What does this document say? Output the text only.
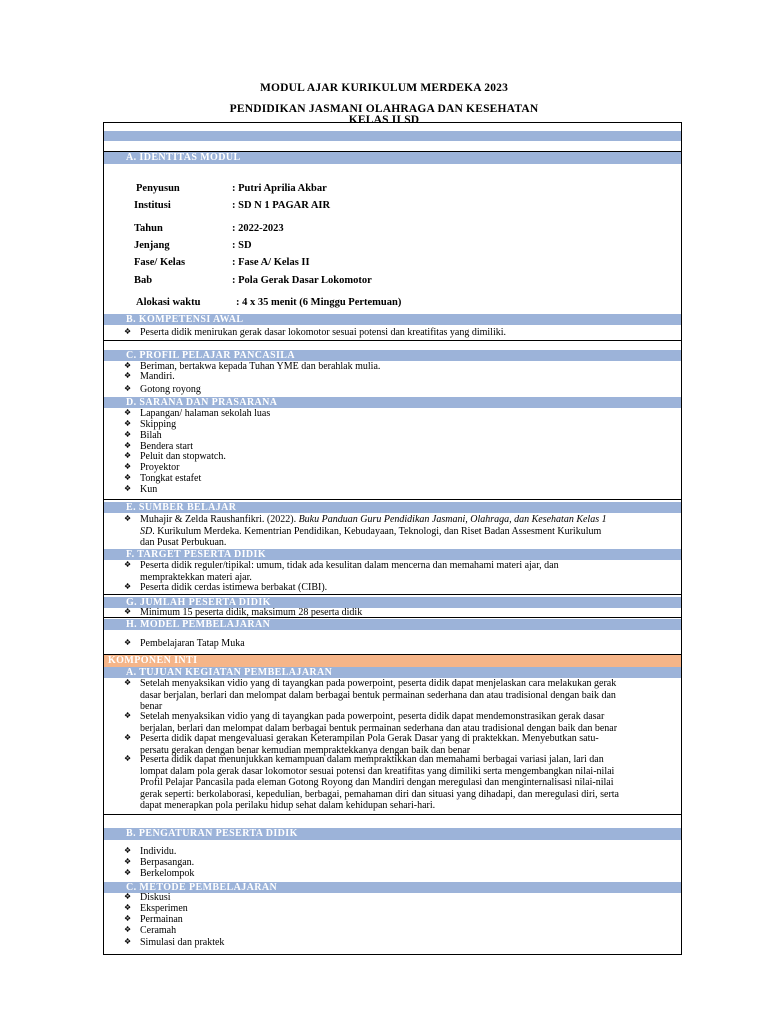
MODUL AJAR KURIKULUM MERDEKA 2023
PENDIDIKAN JASMANI OLAHRAGA DAN KESEHATAN
KELAS II SD
A. IDENTITAS MODUL
Penyusun	: Putri Aprilia Akbar
Institusi	: SD N 1 PAGAR AIR
Tahun	: 2022-2023
Jenjang	: SD
Fase/ Kelas	: Fase A/ Kelas II
Bab	: Pola Gerak Dasar Lokomotor
Alokasi waktu	: 4 x 35 menit (6 Minggu Pertemuan)
B. KOMPETENSI AWAL
❖ Peserta didik menirukan gerak dasar lokomotor sesuai potensi dan kreatifitas yang dimiliki.
C. PROFIL PELAJAR PANCASILA
❖ Beriman, bertakwa kepada Tuhan YME dan berahlak mulia.
❖ Mandiri.
❖ Gotong royong
D. SARANA DAN PRASARANA
❖ Lapangan/ halaman sekolah luas
❖ Skipping
❖ Bilah
❖ Bendera start
❖ Peluit dan stopwatch.
❖ Proyektor
❖ Tongkat estafet
❖ Kun
E. SUMBER BELAJAR
❖ Muhajir & Zelda Raushanfikri. (2022). Buku Panduan Guru Pendidikan Jasmani, Olahraga, dan Kesehatan Kelas 1
SD. Kurikulum Merdeka. Kementrian Pendidikan, Kebudayaan, Teknologi, dan Riset Badan Assesment Kurikulum
dan Pusat Perbukuan.
F. TARGET PESERTA DIDIK
❖ Peserta didik reguler/tipikal: umum, tidak ada kesulitan dalam mencerna dan memahami materi ajar, dan
mempraktekkan materi ajar.
❖ Peserta didik cerdas istimewa berbakat (CIBI).
G. JUMLAH PESERTA DIDIK
❖ Minimum 15 peserta didik, maksimum 28 peserta didik
H. MODEL PEMBELAJARAN
❖ Pembelajaran Tatap Muka
KOMPONEN INTI
A. TUJUAN KEGIATAN PEMBELAJARAN
❖ Setelah menyaksikan vidio yang di tayangkan pada powerpoint, peserta didik dapat menjelaskan cara melakukan gerak
dasar berjalan, berlari dan melompat dalam berbagai bentuk permainan sederhana dan atau tradisional dengan baik dan
benar
❖ Setelah menyaksikan vidio yang di tayangkan pada powerpoint, peserta didik dapat mendemonstrasikan gerak dasar
berjalan, berlari dan melompat dalam berbagai bentuk permainan sederhana dan atau tradisional dengan baik dan benar
❖ Peserta didik dapat mengevaluasi gerakan Keterampilan Pola Gerak Dasar yang di praktekkan. Menyebutkan satu-
persatu gerakan dengan benar kemudian mempraktekkanya dengan baik dan benar
❖ Peserta didik dapat menunjukkan kemampuan dalam mempraktikkan dan memahami berbagai variasi jalan, lari dan
lompat dalam pola gerak dasar lokomotor sesuai potensi dan kreatifitas yang dimiliki serta mengembangkan nilai-nilai
Profil Pelajar Pancasila pada eleman Gotong Royong dan Mandiri dengan meregulasi dan menginternalisasi nilai-nilai
gerak seperti: berkolaborasi, kepedulian, berbagai, pemahaman diri dan situasi yang dihadapi, dan meregulasi diri, serta
dapat menerapkan pola perilaku hidup sehat dalam kehidupan sehari-hari.
B. PENGATURAN PESERTA DIDIK
❖ Individu.
❖ Berpasangan.
❖ Berkelompok
C. METODE PEMBELAJARAN
❖ Diskusi
❖ Eksperimen
❖ Permainan
❖ Ceramah
❖ Simulasi dan praktek
